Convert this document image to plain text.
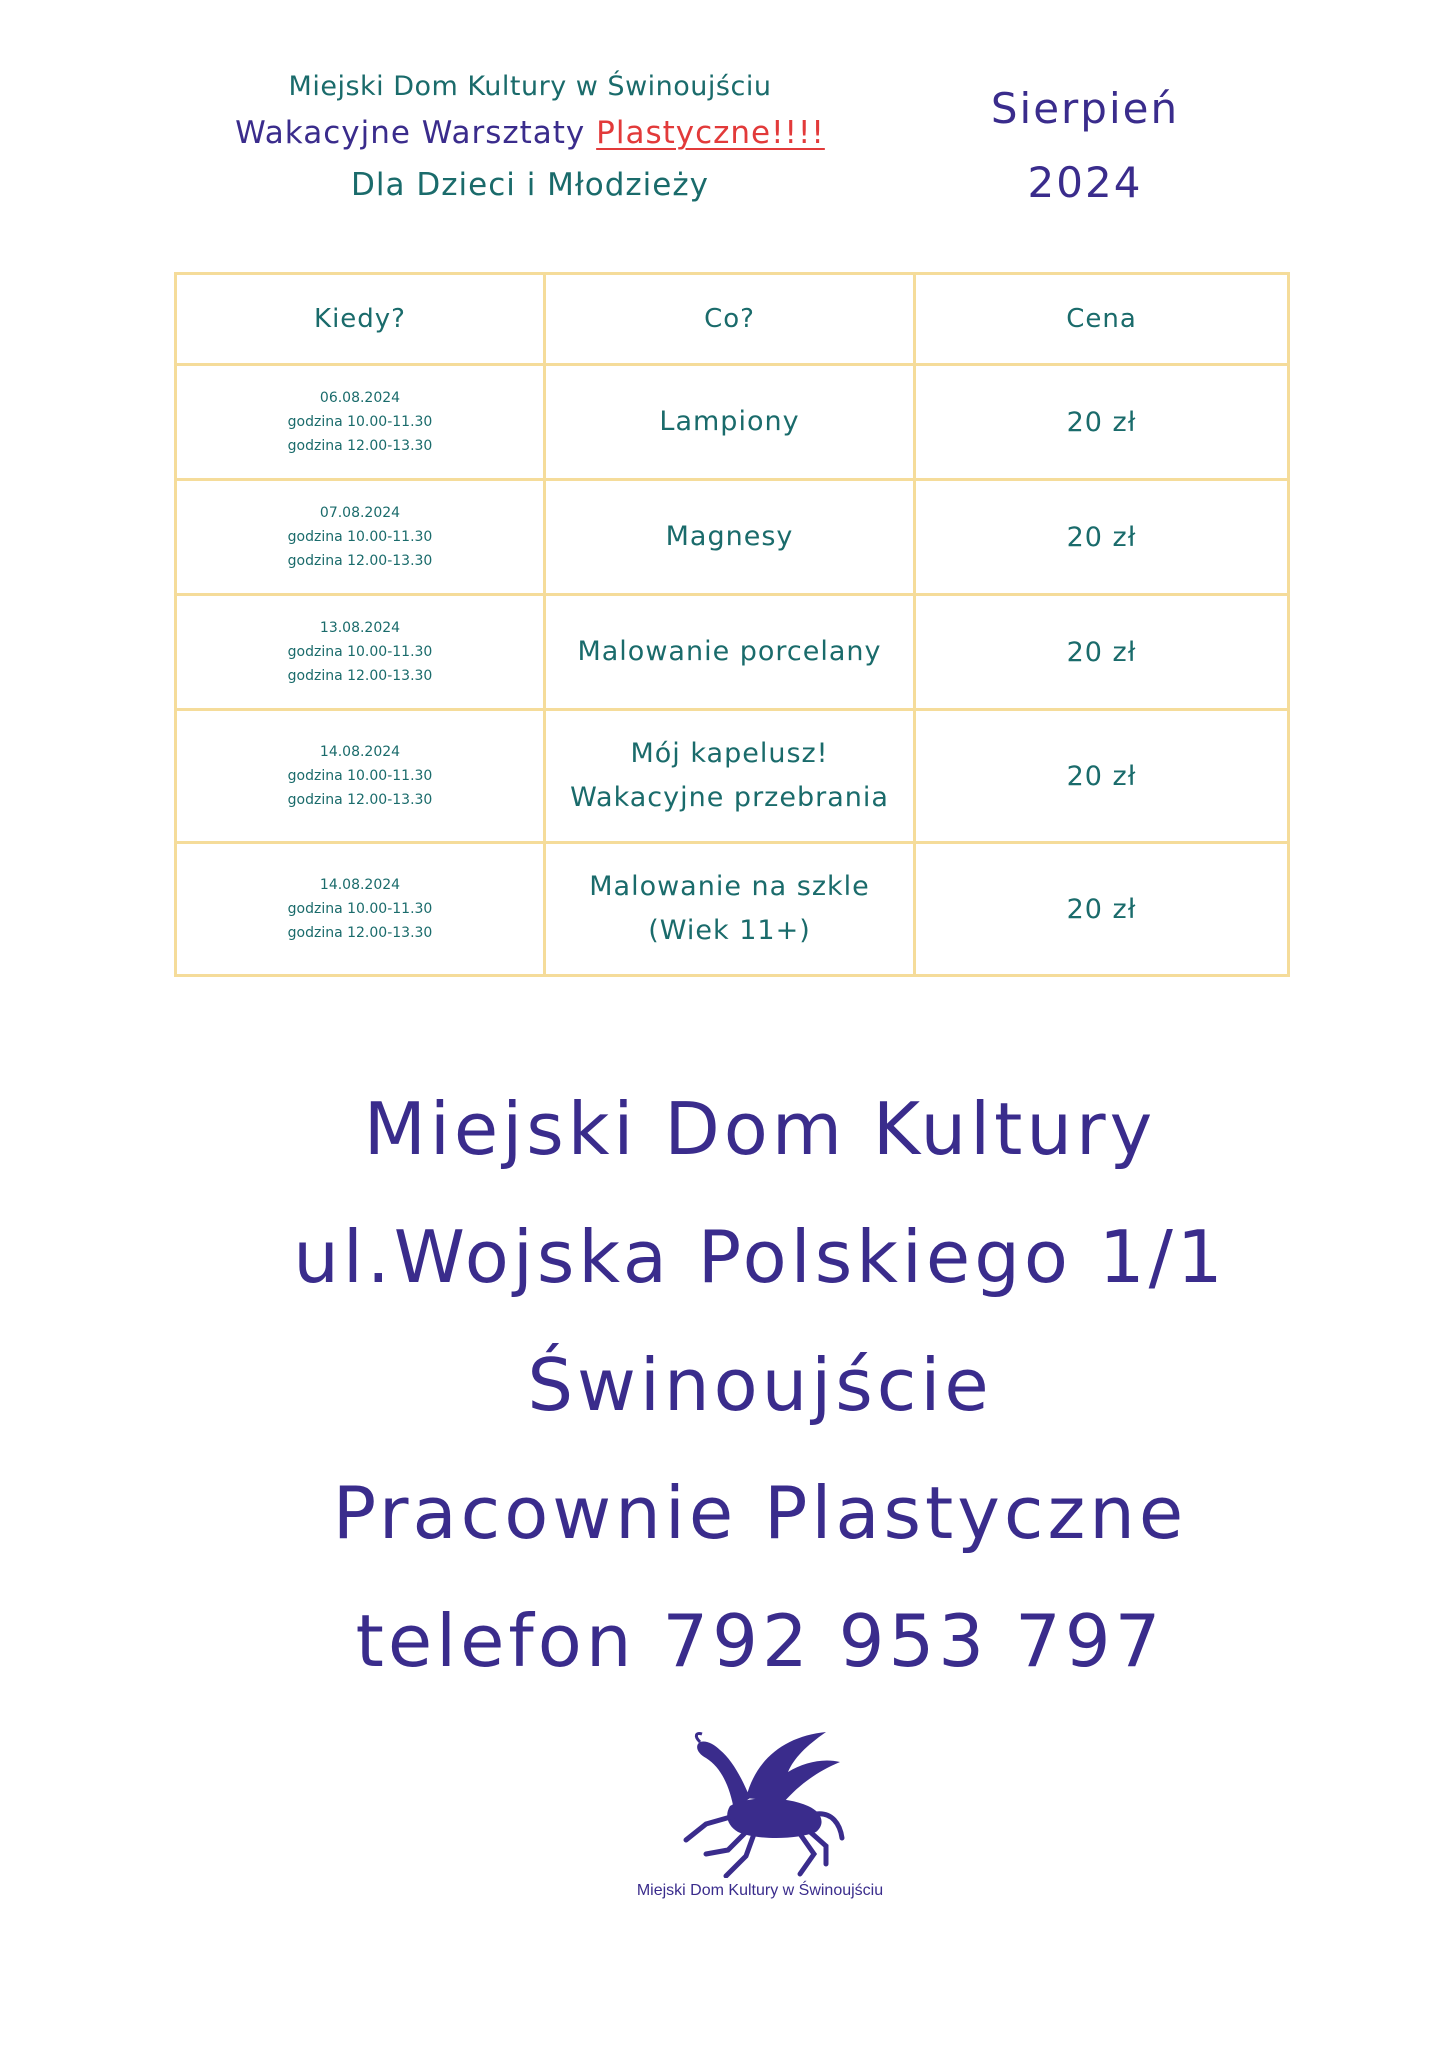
Miejski Dom Kultury w Świnoujściu
Wakacyjne Warsztaty Plastyczne!!!!
Dla Dzieci i Młodzieży
Sierpień
2024
Kiedy?	Co?	Cena

06.08.2024
godzina 10.00-11.30
godzina 12.00-13.30	Lampiony	20 zł

07.08.2024
godzina 10.00-11.30
godzina 12.00-13.30	Magnesy	20 zł

13.08.2024
godzina 10.00-11.30
godzina 12.00-13.30	Malowanie porcelany	20 zł

14.08.2024
godzina 10.00-11.30
godzina 12.00-13.30	Mój kapelusz!
Wakacyjne przebrania	20 zł

14.08.2024
godzina 10.00-11.30
godzina 12.00-13.30	Malowanie na szkle
(Wiek 11+)	20 zł
Miejski Dom Kultury
ul.Wojska Polskiego 1/1
Świnoujście
Pracownie Plastyczne
telefon 792 953 797
Miejski Dom Kultury w Świnoujściu
